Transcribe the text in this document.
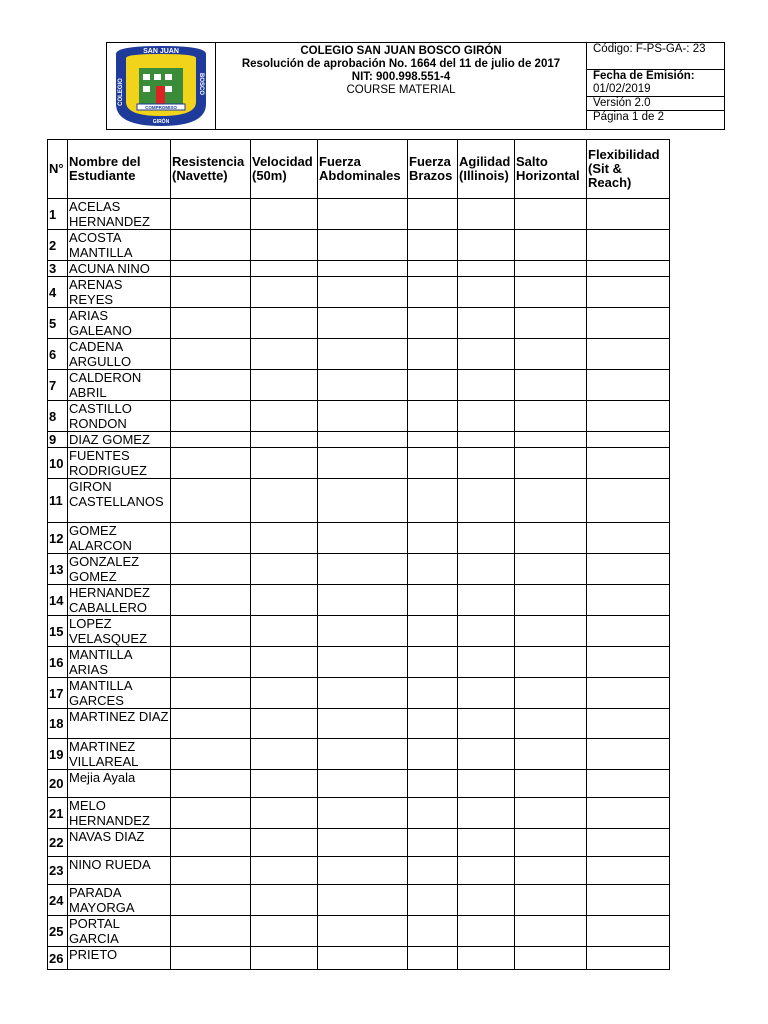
SAN JUAN
COLEGIO	BOSCO
COMPROMISO
GIRÓN
COLEGIO SAN JUAN BOSCO GIRÓN
Resolución de aprobación No. 1664 del 11 de julio de 2017
NIT: 900.998.551-4
COURSE MATERIAL
Código: F-PS-GA-: 23
Fecha de Emisión:
01/02/2019
Versión 2.0
Página 1 de 2
N°	Nombre del Estudiante	Resistencia (Navette)	Velocidad (50m)	Fuerza Abdominales	Fuerza Brazos	Agilidad (Illinois)	Salto Horizontal	Flexibilidad (Sit & Reach)
1	ACELAS HERNANDEZ							
2	ACOSTA MANTILLA							
3	ACUNA NINO							
4	ARENAS REYES							
5	ARIAS GALEANO							
6	CADENA ARGULLO							
7	CALDERON ABRIL							
8	CASTILLO RONDON							
9	DIAZ GOMEZ							
10	FUENTES RODRIGUEZ							
11	GIRON CASTELLANOS							
12	GOMEZ ALARCON							
13	GONZALEZ GOMEZ							
14	HERNANDEZ CABALLERO							
15	LOPEZ VELASQUEZ							
16	MANTILLA ARIAS							
17	MANTILLA GARCES							
18	MARTINEZ DIAZ							
19	MARTINEZ VILLAREAL							
20	Mejia Ayala							
21	MELO HERNANDEZ							
22	NAVAS DIAZ							
23	NINO RUEDA							
24	PARADA MAYORGA							
25	PORTAL GARCIA							
26	PRIETO							
